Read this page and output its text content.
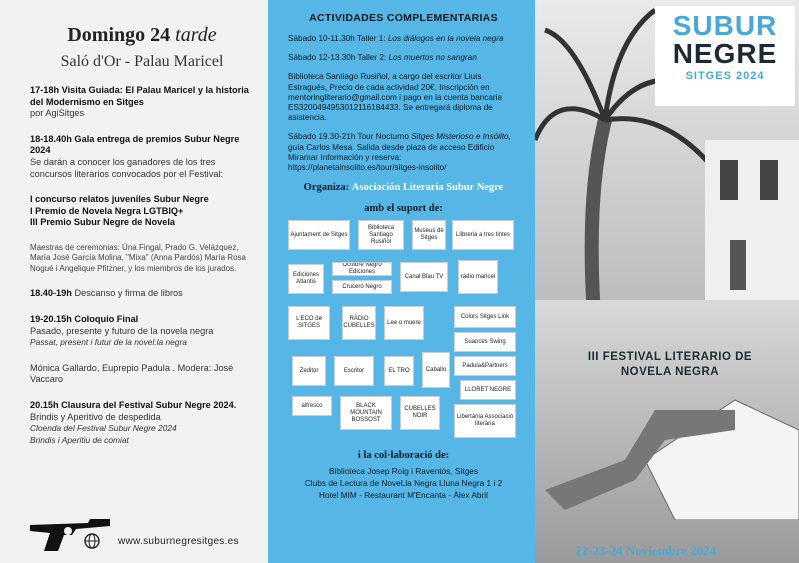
Domingo 24 tarde
Saló d'Or - Palau Maricel
17-18h Visita Guiada: El Palau Maricel y la historia del Modernismo en Sitges
por AgiSitges
18-18.40h Gala entrega de premios Subur Negre 2024
Se darán a conocer los ganadores de los tres concursos literarios convocados por el Festival:
I concurso relatos juveniles Subur Negre
I Premio de Novela Negra LGTBIQ+
III Premio Subur Negre de Novela
Maestras de ceremonias: Úna Fingal, Prado G. Velázquez, María José García Molina, "Mixa" (Anna Pardós) María Rosa Nogué i Angelique Pfitzner, y los miembros de los jurados.
18.40-19h Descanso y firma de libros
19-20.15h Coloquio Final
Pasado, presente y futuro de la novela negra
Passat, present i futur de la novel.la negra
Mónica Gallardo, Euprepio Padula . Modera: José Vaccaro
20.15h Clausura del Festival Subur Negre 2024.
Brindis y Aperitivo de despedida
Cloenda del Festival Subur Negre 2024
Brindis i Aperitiu de comiat
www.suburnegresitges.es
ACTIVIDADES COMPLEMENTARIAS
Sábado 10-11.30h Taller 1: Los diálogos en la novela negra
Sábado 12-13.30h Taller 2: Los muertos no sangran
Biblioteca Santiago Rusiñol, a cargo del escritor Lluís Estragués, Precio de cada actividad 20€. Inscripción en mentoringliterario@gmail.com i pago en la cuenta bancaria ES3200494953012116184433. Se entregará diploma de asistencia.
Sábado 19.30-21h Tour Nocturno Sitges Misterioso e Insólito, guía Carlos Mesa. Salida desde plaza de acceso Edificio Miramar Información y reserva: https://planetainsolito.es/tour/sitges-insolito/
Organiza: Asociación Literaria Subur Negre
amb el suport de:
Ajuntament de Sitges
Biblioteca Santiago Rusiñol
Museus de Sitges
Llibreria a tres tintes
Ediciones Atlantis
Octubre Negro Ediciones
Crucero Negro
Canal Blau TV	ràdio maricel
L'ECO de SITGES
RÀDIO CUBELLES
Lee o muere
Colors Sitges Link
Suances Swing
Padula&Partners
Escritor	EL TRO	Caballo
LLORET NEGRE
alfresco	BLACK MOUNTAIN BOSSOST
CUBELLES NOIR	Libertània Associació literària
Zeditor
i la col·laboració de:
Biblioteca Josep Roig i Raventós, Sitges
Clubs de Lectura de NoveLla Negra Lluna Negra 1 i 2
Hotel MIM - Restaurant M'Encanta - Àlex Abril
SUBUR
NEGRE
SITGES 2024
III FESTIVAL LITERARIO DE NOVELA NEGRA
22-23-24 Noviembre 2024
